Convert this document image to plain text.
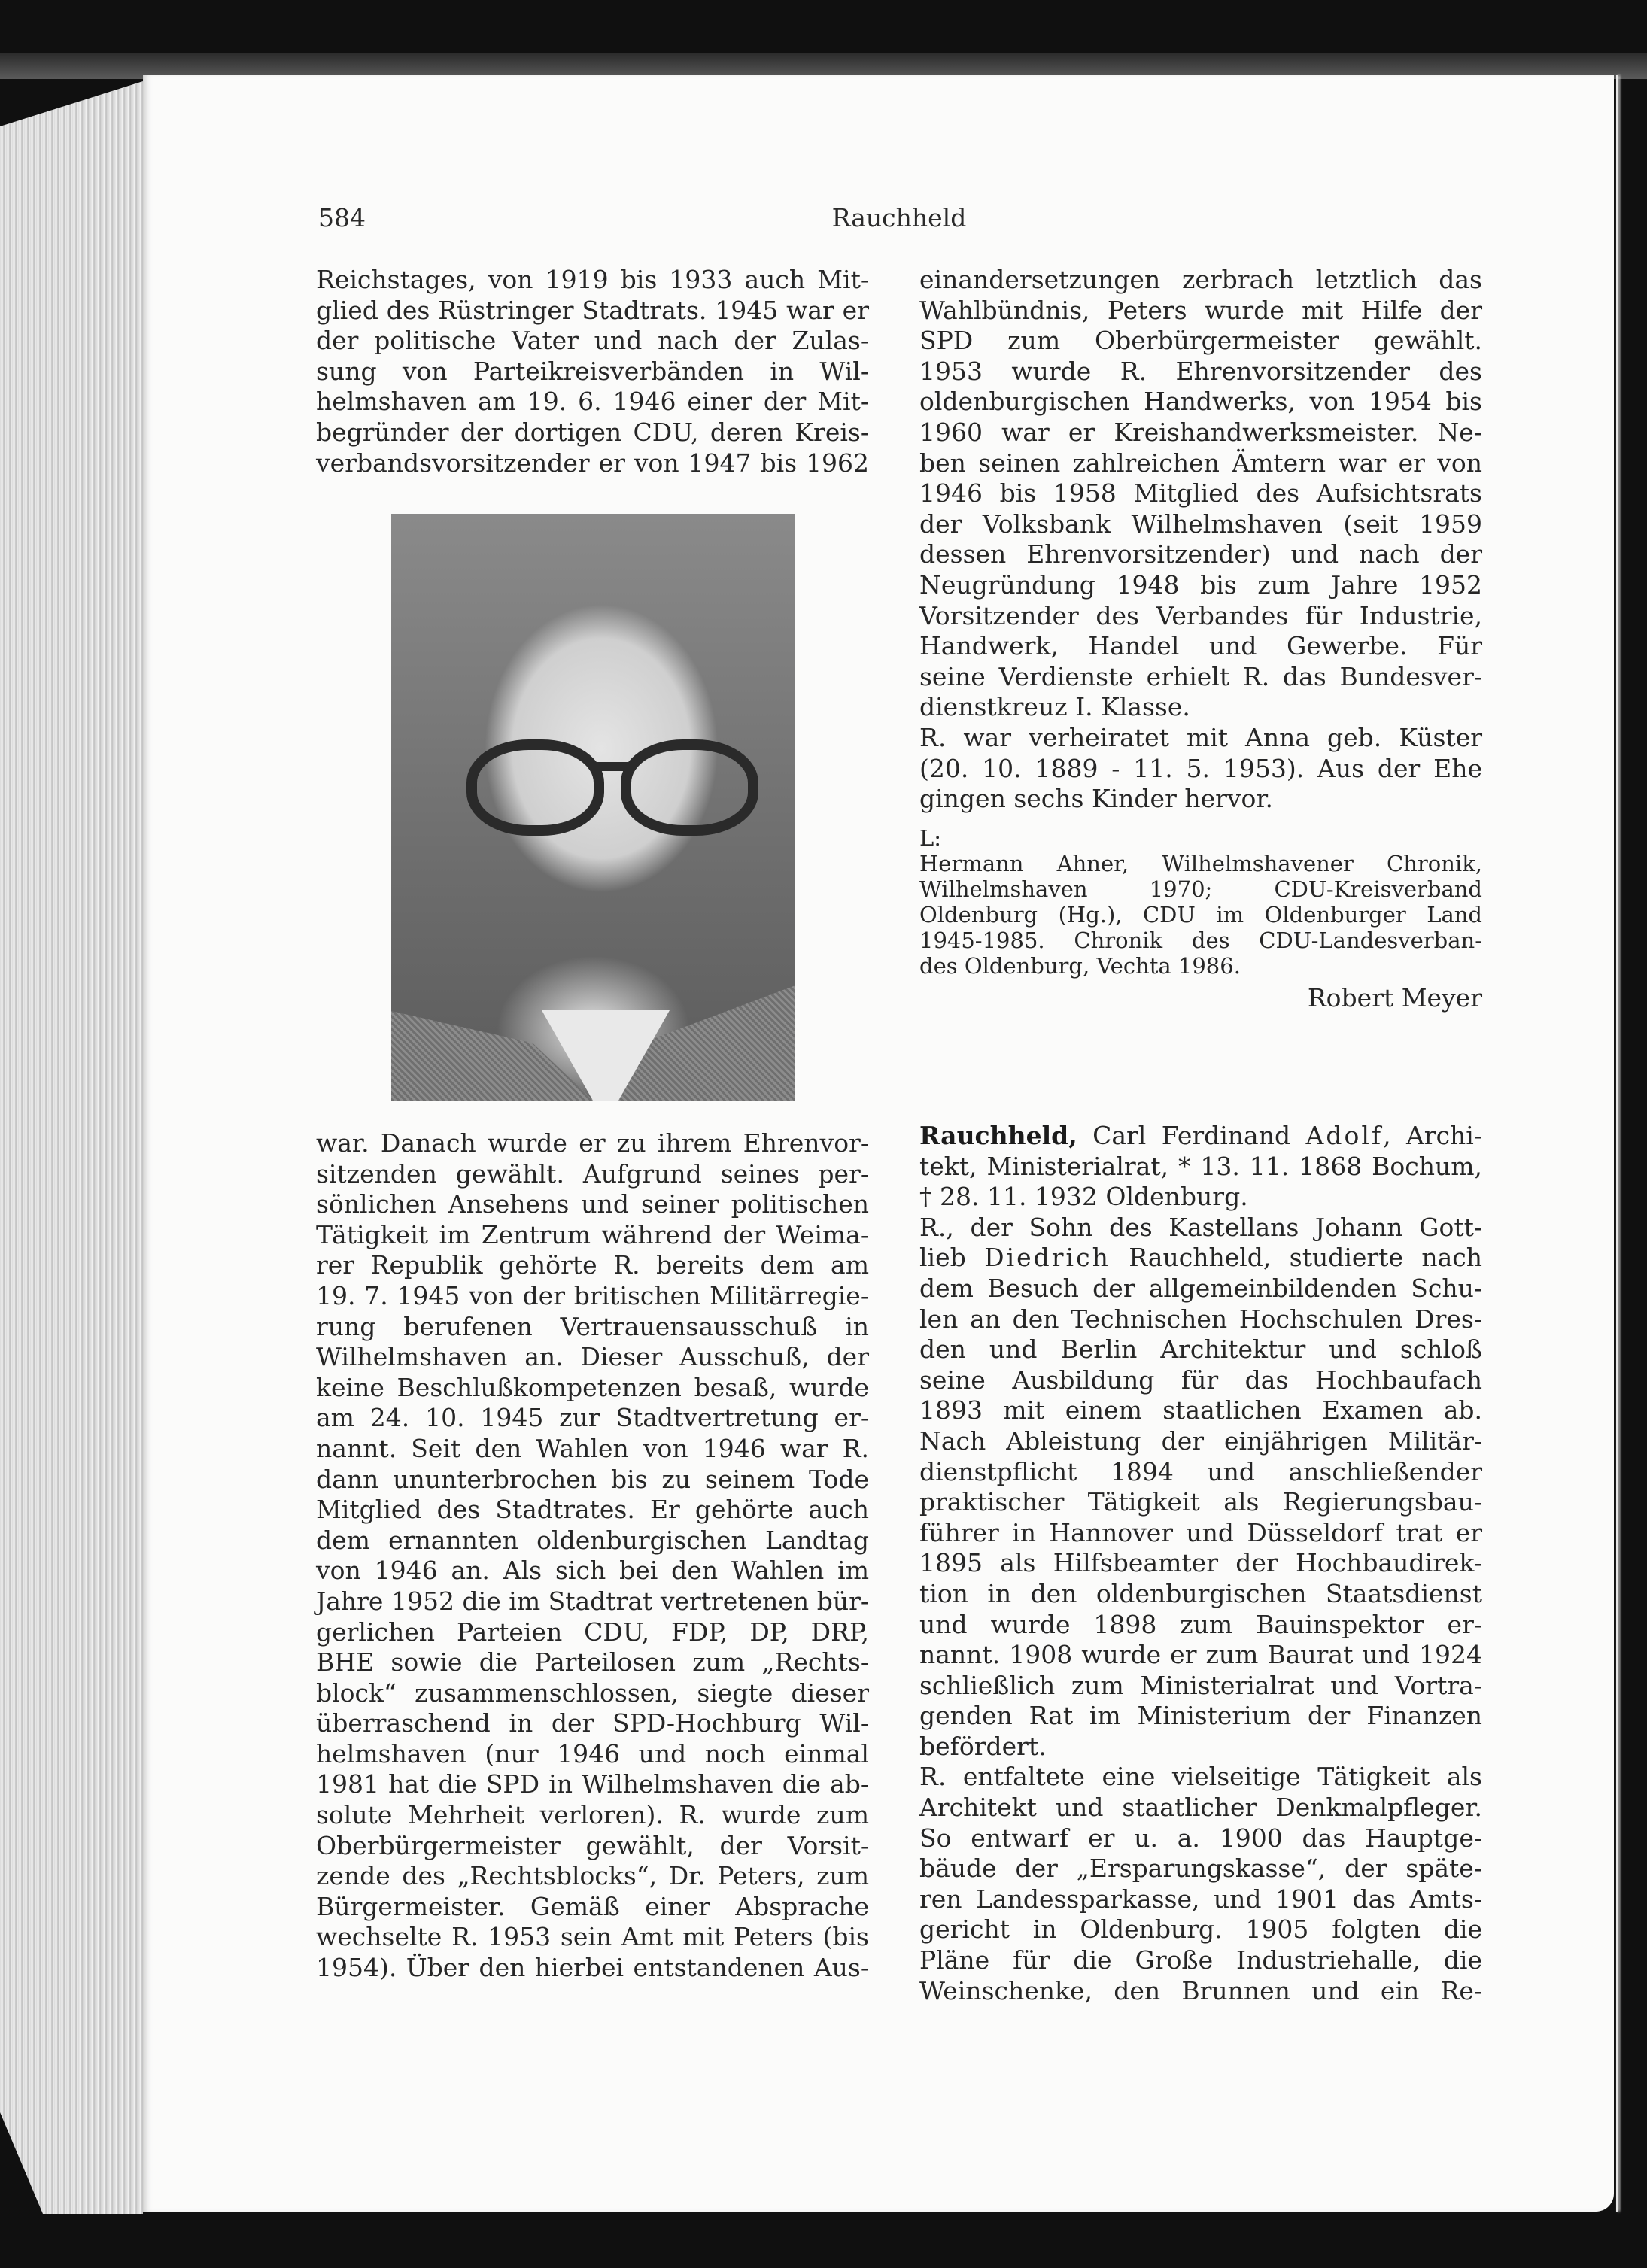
584	Rauchheld
Reichstages, von 1919 bis 1933 auch Mit-
glied des Rüstringer Stadtrats. 1945 war er
der politische Vater und nach der Zulas-
sung von Parteikreisverbänden in Wil-
helmshaven am 19. 6. 1946 einer der Mit-
begründer der dortigen CDU, deren Kreis-
verbandsvorsitzender er von 1947 bis 1962
war. Danach wurde er zu ihrem Ehrenvor-
sitzenden gewählt. Aufgrund seines per-
sönlichen Ansehens und seiner politischen
Tätigkeit im Zentrum während der Weima-
rer Republik gehörte R. bereits dem am
19. 7. 1945 von der britischen Militärregie-
rung berufenen Vertrauensausschuß in
Wilhelmshaven an. Dieser Ausschuß, der
keine Beschlußkompetenzen besaß, wurde
am 24. 10. 1945 zur Stadtvertretung er-
nannt. Seit den Wahlen von 1946 war R.
dann ununterbrochen bis zu seinem Tode
Mitglied des Stadtrates. Er gehörte auch
dem ernannten oldenburgischen Landtag
von 1946 an. Als sich bei den Wahlen im
Jahre 1952 die im Stadtrat vertretenen bür-
gerlichen Parteien CDU, FDP, DP, DRP,
BHE sowie die Parteilosen zum „Rechts-
block“ zusammenschlossen, siegte dieser
überraschend in der SPD-Hochburg Wil-
helmshaven (nur 1946 und noch einmal
1981 hat die SPD in Wilhelmshaven die ab-
solute Mehrheit verloren). R. wurde zum
Oberbürgermeister gewählt, der Vorsit-
zende des „Rechtsblocks“, Dr. Peters, zum
Bürgermeister. Gemäß einer Absprache
wechselte R. 1953 sein Amt mit Peters (bis
1954). Über den hierbei entstandenen Aus-
einandersetzungen zerbrach letztlich das
Wahlbündnis, Peters wurde mit Hilfe der
SPD zum Oberbürgermeister gewählt.
1953 wurde R. Ehrenvorsitzender des
oldenburgischen Handwerks, von 1954 bis
1960 war er Kreishandwerksmeister. Ne-
ben seinen zahlreichen Ämtern war er von
1946 bis 1958 Mitglied des Aufsichtsrats
der Volksbank Wilhelmshaven (seit 1959
dessen Ehrenvorsitzender) und nach der
Neugründung 1948 bis zum Jahre 1952
Vorsitzender des Verbandes für Industrie,
Handwerk, Handel und Gewerbe. Für
seine Verdienste erhielt R. das Bundesver-
dienstkreuz I. Klasse.
R. war verheiratet mit Anna geb. Küster
(20. 10. 1889 - 11. 5. 1953). Aus der Ehe
gingen sechs Kinder hervor.
L:
Hermann Ahner, Wilhelmshavener Chronik,
Wilhelmshaven 1970; CDU-Kreisverband
Oldenburg (Hg.), CDU im Oldenburger Land
1945-1985. Chronik des CDU-Landesverban-
des Oldenburg, Vechta 1986.
Robert Meyer
Rauchheld, Carl Ferdinand Adolf, Archi-
tekt, Ministerialrat, * 13. 11. 1868 Bochum,
† 28. 11. 1932 Oldenburg.
R., der Sohn des Kastellans Johann Gott-
lieb Diedrich Rauchheld, studierte nach
dem Besuch der allgemeinbildenden Schu-
len an den Technischen Hochschulen Dres-
den und Berlin Architektur und schloß
seine Ausbildung für das Hochbaufach
1893 mit einem staatlichen Examen ab.
Nach Ableistung der einjährigen Militär-
dienstpflicht 1894 und anschließender
praktischer Tätigkeit als Regierungsbau-
führer in Hannover und Düsseldorf trat er
1895 als Hilfsbeamter der Hochbaudirek-
tion in den oldenburgischen Staatsdienst
und wurde 1898 zum Bauinspektor er-
nannt. 1908 wurde er zum Baurat und 1924
schließlich zum Ministerialrat und Vortra-
genden Rat im Ministerium der Finanzen
befördert.
R. entfaltete eine vielseitige Tätigkeit als
Architekt und staatlicher Denkmalpfleger.
So entwarf er u. a. 1900 das Hauptge-
bäude der „Ersparungskasse“, der späte-
ren Landessparkasse, und 1901 das Amts-
gericht in Oldenburg. 1905 folgten die
Pläne für die Große Industriehalle, die
Weinschenke, den Brunnen und ein Re-
